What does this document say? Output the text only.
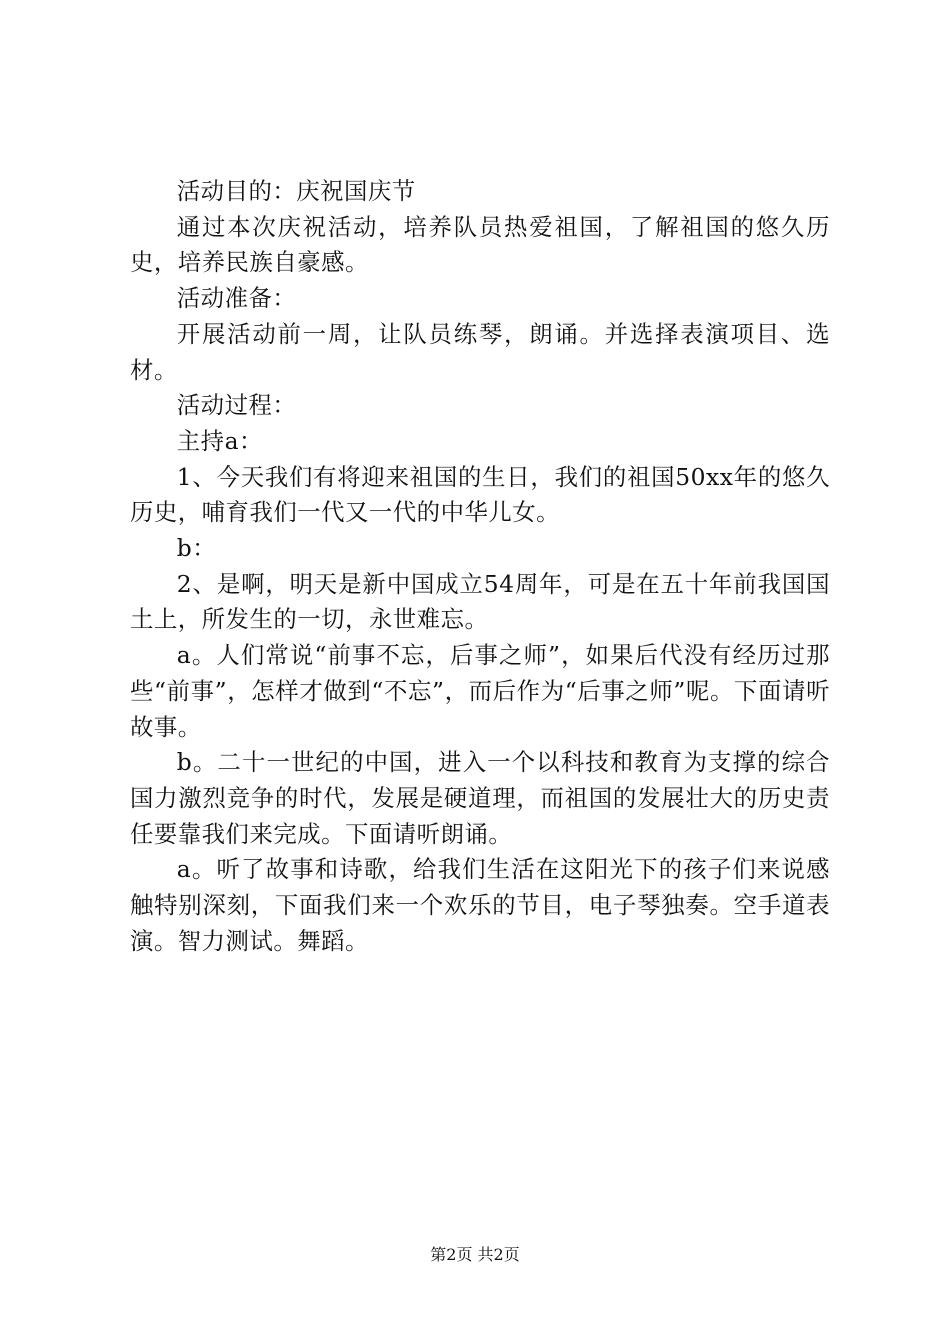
活动目的：庆祝国庆节

通过本次庆祝活动，培养队员热爱祖国，了解祖国的悠久历史，培养民族自豪感。

活动准备：

开展活动前一周，让队员练琴，朗诵。并选择表演项目、选材。

活动过程：

主持a：

1、今天我们有将迎来祖国的生日，我们的祖国50xx年的悠久历史，哺育我们一代又一代的中华儿女。

b：

2、是啊，明天是新中国成立54周年，可是在五十年前我国国土上，所发生的一切，永世难忘。

a。人们常说“前事不忘，后事之师”，如果后代没有经历过那些“前事”，怎样才做到“不忘”，而后作为“后事之师”呢。下面请听故事。

b。二十一世纪的中国，进入一个以科技和教育为支撑的综合国力激烈竞争的时代，发展是硬道理，而祖国的发展壮大的历史责任要靠我们来完成。下面请听朗诵。

a。听了故事和诗歌，给我们生活在这阳光下的孩子们来说感触特别深刻，下面我们来一个欢乐的节目，电子琴独奏。空手道表演。智力测试。舞蹈。

第2页 共2页
